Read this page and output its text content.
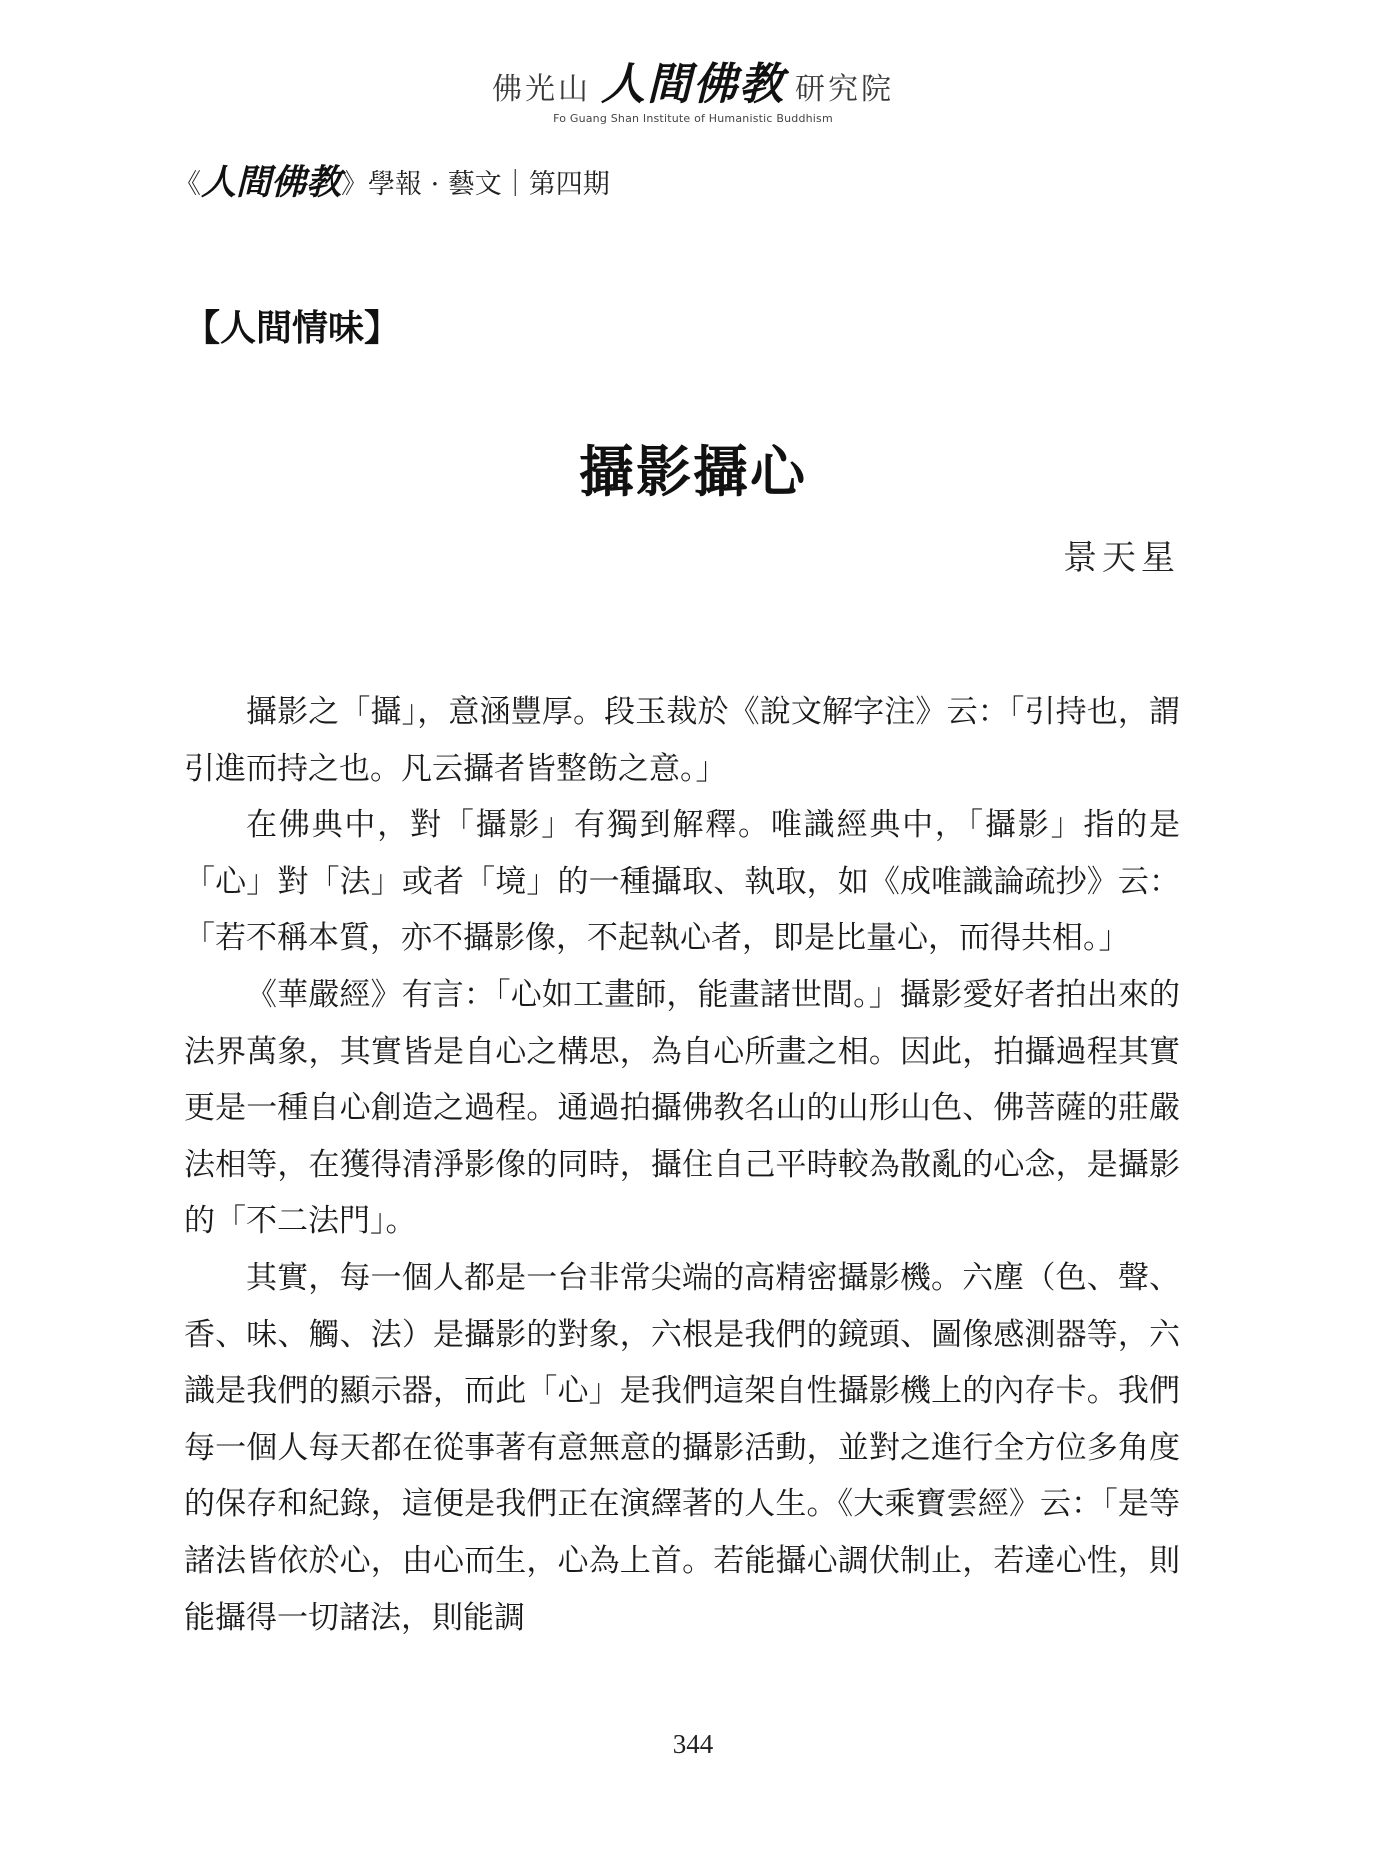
佛光山 人間佛教 研究院
Fo Guang Shan Institute of Humanistic Buddhism
《 人間佛教 》學報 · 藝文｜第四期
【人間情味】
攝影攝心
景天星

攝影之「攝」，意涵豐厚。段玉裁於《說文解字注》云：「引持也，謂引進而持之也。凡云攝者皆整飭之意。」

在佛典中，對「攝影」有獨到解釋。唯識經典中，「攝影」指的是「心」對「法」或者「境」的一種攝取、執取，如《成唯識論疏抄》云：「若不稱本質，亦不攝影像，不起執心者，即是比量心，而得共相。」

《華嚴經》有言：「心如工畫師，能畫諸世間。」攝影愛好者拍出來的法界萬象，其實皆是自心之構思，為自心所畫之相。因此，拍攝過程其實更是一種自心創造之過程。通過拍攝佛教名山的山形山色、佛菩薩的莊嚴法相等，在獲得清淨影像的同時，攝住自己平時較為散亂的心念，是攝影的「不二法門」。

其實，每一個人都是一台非常尖端的高精密攝影機。六塵（色、聲、香、味、觸、法）是攝影的對象，六根是我們的鏡頭、圖像感測器等，六識是我們的顯示器，而此「心」是我們這架自性攝影機上的內存卡。我們每一個人每天都在從事著有意無意的攝影活動，並對之進行全方位多角度的保存和紀錄，這便是我們正在演繹著的人生。《大乘寶雲經》云：「是等諸法皆依於心，由心而生，心為上首。若能攝心調伏制止，若達心性，則能攝得一切諸法，則能調

344
